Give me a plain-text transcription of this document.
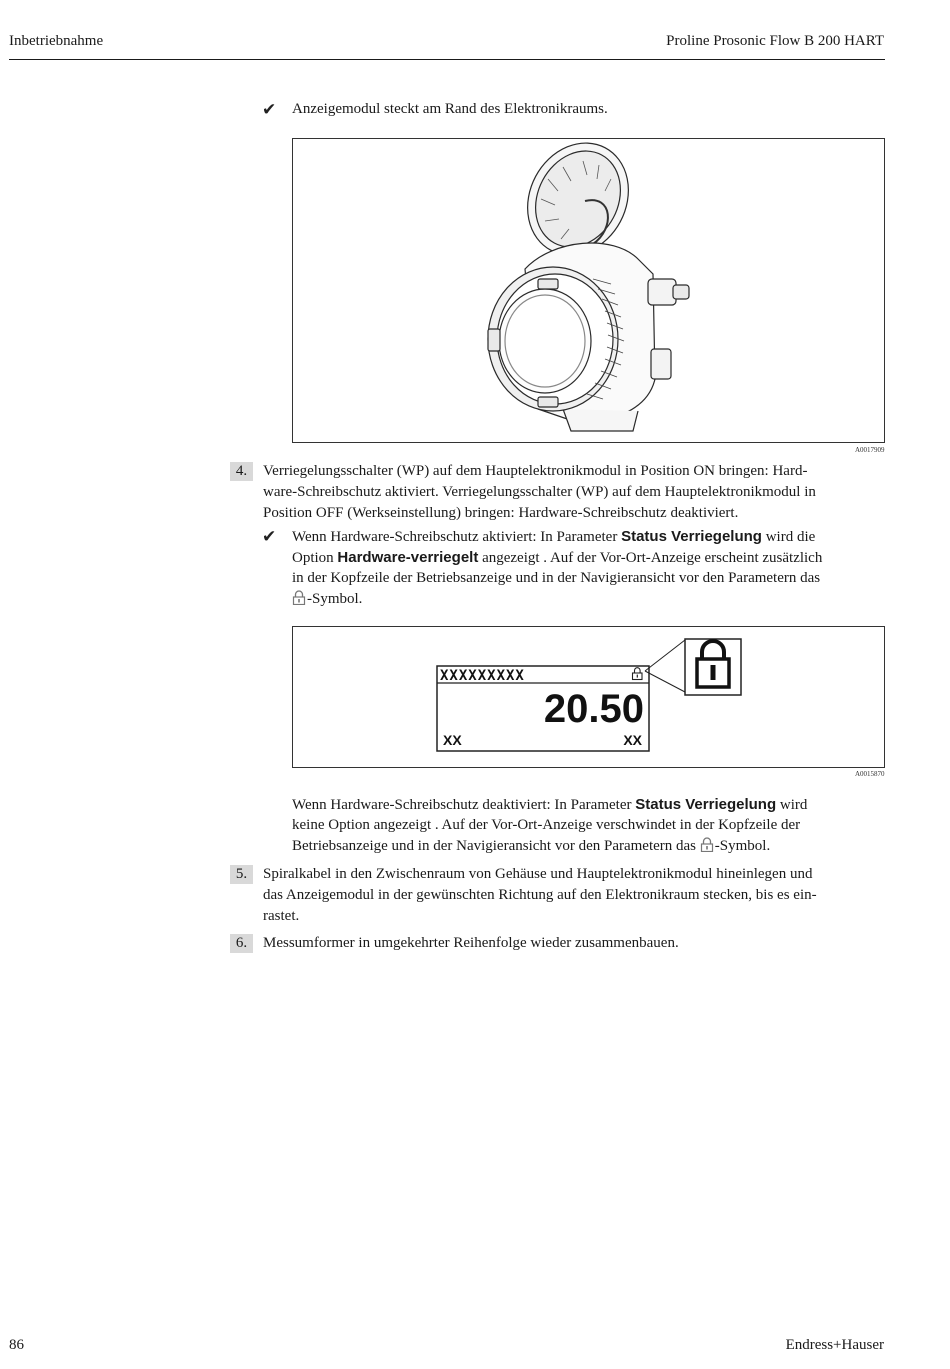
Inbetriebnahme	Proline Prosonic Flow B 200 HART
✔ Anzeigemodul steckt am Rand des Elektronikraums.
A0017909
4.	Verriegelungsschalter (WP) auf dem Hauptelektronikmodul in Position ON bringen: Hard-
ware-Schreibschutz aktiviert. Verriegelungsschalter (WP) auf dem Hauptelektronikmodul in
Position OFF (Werkseinstellung) bringen: Hardware-Schreibschutz deaktiviert.
✔ Wenn Hardware-Schreibschutz aktiviert: In Parameter Status Verriegelung wird die
Option Hardware-verriegelt angezeigt . Auf der Vor-Ort-Anzeige erscheint zusätzlich
in der Kopfzeile der Betriebsanzeige und in der Navigieransicht vor den Parametern das
-Symbol.
XXXXXXXXX
20.50
XX	XX
A0015870
Wenn Hardware-Schreibschutz deaktiviert: In Parameter Status Verriegelung wird
keine Option angezeigt . Auf der Vor-Ort-Anzeige verschwindet in der Kopfzeile der
Betriebsanzeige und in der Navigieransicht vor den Parametern das -Symbol.
5.	Spiralkabel in den Zwischenraum von Gehäuse und Hauptelektronikmodul hineinlegen und
das Anzeigemodul in der gewünschten Richtung auf den Elektronikraum stecken, bis es ein-
rastet.
6.	Messumformer in umgekehrter Reihenfolge wieder zusammenbauen.
86	Endress+Hauser
